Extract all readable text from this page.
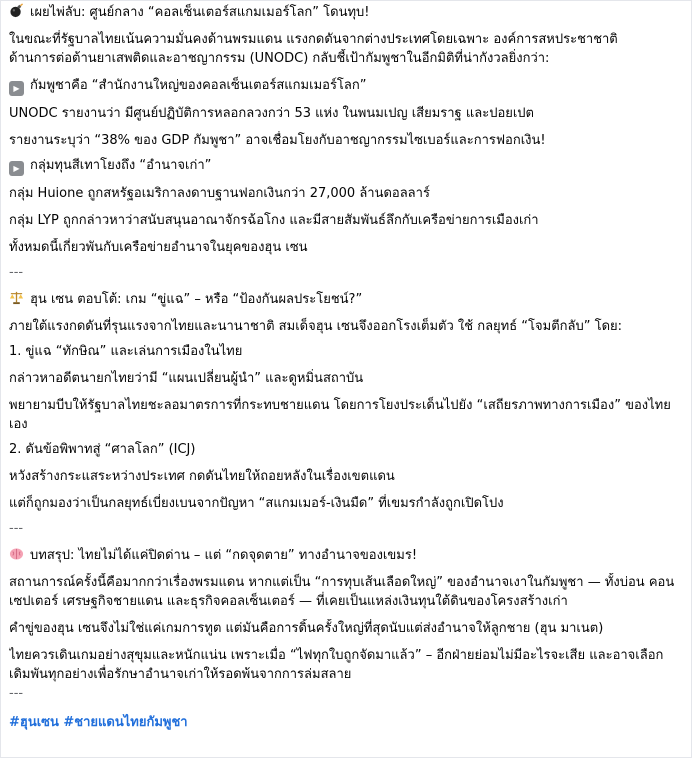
เผยไพ่ลับ: ศูนย์กลาง “คอลเซ็นเตอร์สแกมเมอร์โลก” โดนทุบ!

ในขณะที่รัฐบาลไทยเน้นความมั่นคงด้านพรมแดน แรงกดดันจากต่างประเทศโดยเฉพาะ องค์การสหประชาชาติ

ด้านการต่อต้านยาเสพติดและอาชญากรรม (UNODC) กลับชี้เป้ากัมพูชาในอีกมิติที่น่ากังวลยิ่งกว่า:

▶ กัมพูชาคือ “สำนักงานใหญ่ของคอลเซ็นเตอร์สแกมเมอร์โลก”

UNODC รายงานว่า มีศูนย์ปฏิบัติการหลอกลวงกว่า 53 แห่ง ในพนมเปญ เสียมราฐ และปอยเปต

รายงานระบุว่า “38% ของ GDP กัมพูชา” อาจเชื่อมโยงกับอาชญากรรมไซเบอร์และการฟอกเงิน!

▶ กลุ่มทุนสีเทาโยงถึง “อำนาจเก่า”

กลุ่ม Huione ถูกสหรัฐอเมริกาลงดาบฐานฟอกเงินกว่า 27,000 ล้านดอลลาร์

กลุ่ม LYP ถูกกล่าวหาว่าสนับสนุนอาณาจักรฉ้อโกง และมีสายสัมพันธ์ลึกกับเครือข่ายการเมืองเก่า

ทั้งหมดนี้เกี่ยวพันกับเครือข่ายอำนาจในยุคของฮุน เซน

---

ฮุน เซน ตอบโต้: เกม “ขู่แฉ” – หรือ “ป้องกันผลประโยชน์?”

ภายใต้แรงกดดันที่รุนแรงจากไทยและนานาชาติ สมเด็จฮุน เซนจึงออกโรงเต็มตัว ใช้ กลยุทธ์ “โจมตีกลับ” โดย:

1. ขู่แฉ “ทักษิณ” และเล่นการเมืองในไทย

กล่าวหาอดีตนายกไทยว่ามี “แผนเปลี่ยนผู้นำ” และดูหมิ่นสถาบัน

พยายามบีบให้รัฐบาลไทยชะลอมาตรการที่กระทบชายแดน โดยการโยงประเด็นไปยัง “เสถียรภาพทางการเมือง” ของไทยเอง

2. ดันข้อพิพาทสู่ “ศาลโลก” (ICJ)

หวังสร้างกระแสระหว่างประเทศ กดดันไทยให้ถอยหลังในเรื่องเขตแดน

แต่ก็ถูกมองว่าเป็นกลยุทธ์เบี่ยงเบนจากปัญหา “สแกมเมอร์-เงินมืด” ที่เขมรกำลังถูกเปิดโปง

---

บทสรุป: ไทยไม่ได้แค่ปิดด่าน – แต่ “กดจุดตาย” ทางอำนาจของเขมร!

สถานการณ์ครั้งนี้คือมากกว่าเรื่องพรมแดน หากแต่เป็น “การทุบเส้นเลือดใหญ่” ของอำนาจเงาในกัมพูชา — ทั้งบ่อน คอนเซปเตอร์ เศรษฐกิจชายแดน และธุรกิจคอลเซ็นเตอร์ — ที่เคยเป็นแหล่งเงินทุนใต้ดินของโครงสร้างเก่า

คำขู่ของฮุน เซนจึงไม่ใช่แค่เกมการทูต แต่มันคือการดิ้นครั้งใหญ่ที่สุดนับแต่ส่งอำนาจให้ลูกชาย (ฮุน มาเนต)

ไทยควรเดินเกมอย่างสุขุมและหนักแน่น เพราะเมื่อ “ไฟทุกใบถูกจัดมาแล้ว” – อีกฝ่ายย่อมไม่มีอะไรจะเสีย และอาจเลือกเดิมพันทุกอย่างเพื่อรักษาอำนาจเก่าให้รอดพ้นจากการล่มสลาย

---

#ฮุนเซน #ชายแดนไทยกัมพูชา
